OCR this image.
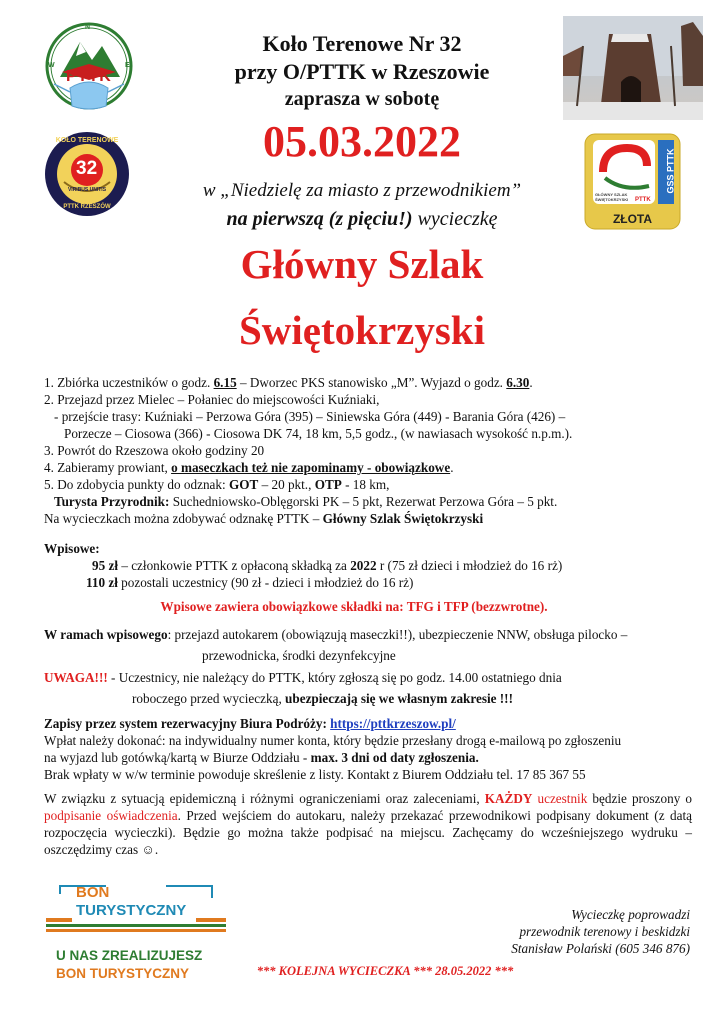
PTTK
N
W	E
32
KOŁO TERENOWE
VIRIBUS UNITIS
PTTK RZESZÓW
GSS PTTK
GŁÓWNY SZLAK ŚWIĘTOKRZYSKI	PTTK
ZŁOTA
Koło Terenowe Nr 32
przy O/PTTK w Rzeszowie
zaprasza w sobotę
05.03.2022
w „Niedzielę za miasto z przewodnikiem”
na pierwszą (z pięciu!) wycieczkę
Główny Szlak
Świętokrzyski
1. Zbiórka uczestników o godz. 6.15 – Dworzec PKS stanowisko „M”. Wyjazd o godz. 6.30.
2. Przejazd przez Mielec – Połaniec do miejscowości Kuźniaki,
- przejście trasy: Kuźniaki – Perzowa Góra (395) – Siniewska Góra (449) - Barania Góra (426) –
Porzecze – Ciosowa (366) - Ciosowa DK 74, 18 km, 5,5 godz., (w nawiasach wysokość n.p.m.).
3. Powrót do Rzeszowa około godziny 20
4. Zabieramy prowiant, o maseczkach też nie zapominamy - obowiązkowe.
5. Do zdobycia punkty do odznak: GOT – 20 pkt., OTP - 18 km,
Turysta Przyrodnik: Suchedniowsko-Oblęgorski PK – 5 pkt, Rezerwat Perzowa Góra – 5 pkt.
Na wycieczkach można zdobywać odznakę PTTK – Główny Szlak Świętokrzyski
Wpisowe:
95 zł – członkowie PTTK z opłaconą składką za 2022 r (75 zł dzieci i młodzież do 16 rż)
110 zł pozostali uczestnicy (90 zł - dzieci i młodzież do 16 rż)
Wpisowe zawiera obowiązkowe składki na: TFG i TFP (bezzwrotne).
W ramach wpisowego: przejazd autokarem (obowiązują maseczki!!), ubezpieczenie NNW, obsługa pilocko –
przewodnicka, środki dezynfekcyjne
UWAGA!!! - Uczestnicy, nie należący do PTTK, który zgłoszą się po godz. 14.00 ostatniego dnia
roboczego przed wycieczką, ubezpieczają się we własnym zakresie !!!
Zapisy przez system rezerwacyjny Biura Podróży: https://pttkrzeszow.pl/
Wpłat należy dokonać: na indywidualny numer konta, który będzie przesłany drogą e-mailową po zgłoszeniu
na wyjazd lub gotówką/kartą w Biurze Oddziału - max. 3 dni od daty zgłoszenia.
Brak wpłaty w w/w terminie powoduje skreślenie z listy. Kontakt z Biurem Oddziału tel. 17 85 367 55
W związku z sytuacją epidemiczną i różnymi ograniczeniami oraz zaleceniami, KAŻDY uczestnik będzie proszony o podpisanie oświadczenia. Przed wejściem do autokaru, należy przekazać przewodnikowi podpisany dokument (z datą rozpoczęcia wycieczki). Będzie go można także podpisać na miejscu. Zachęcamy do wcześniejszego wydruku – oszczędzimy czas ☺.
BON
TURYSTYCZNY
U NAS ZREALIZUJESZ
BON TURYSTYCZNY
Wycieczkę poprowadzi
przewodnik terenowy i beskidzki
Stanisław Polański (605 346 876)
*** KOLEJNA WYCIECZKA *** 28.05.2022 ***
